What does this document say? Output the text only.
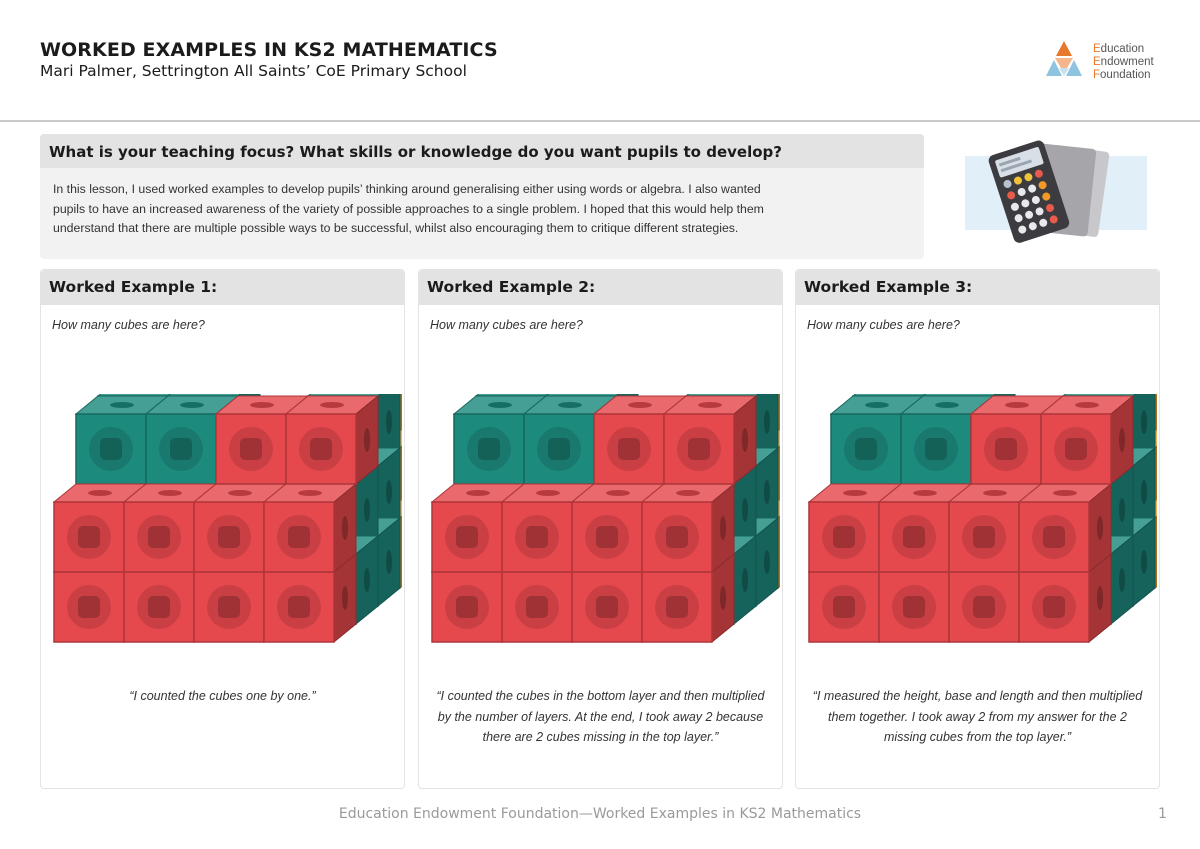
WORKED EXAMPLES IN KS2 MATHEMATICS
Mari Palmer, Settrington All Saints’ CoE Primary School
Education
Endowment
Foundation
What is your teaching focus? What skills or knowledge do you want pupils to develop?
In this lesson, I used worked examples to develop pupils’ thinking around generalising either using words or algebra. I also wanted pupils to have an increased awareness of the variety of possible approaches to a single problem. I hoped that this would help them understand that there are multiple possible ways to be successful, whilst also encouraging them to critique different strategies.
Worked Example 1:
How many cubes are here?
“I counted the cubes one by one.”
Worked Example 2:
How many cubes are here?
“I counted the cubes in the bottom layer and then multiplied by the number of layers. At the end, I took away 2 because there are 2 cubes missing in the top layer.”
Worked Example 3:
How many cubes are here?
“I measured the height, base and length and then multiplied them together. I took away 2 from my answer for the 2 missing cubes from the top layer.”
Education Endowment Foundation—Worked Examples in KS2 Mathematics	1
